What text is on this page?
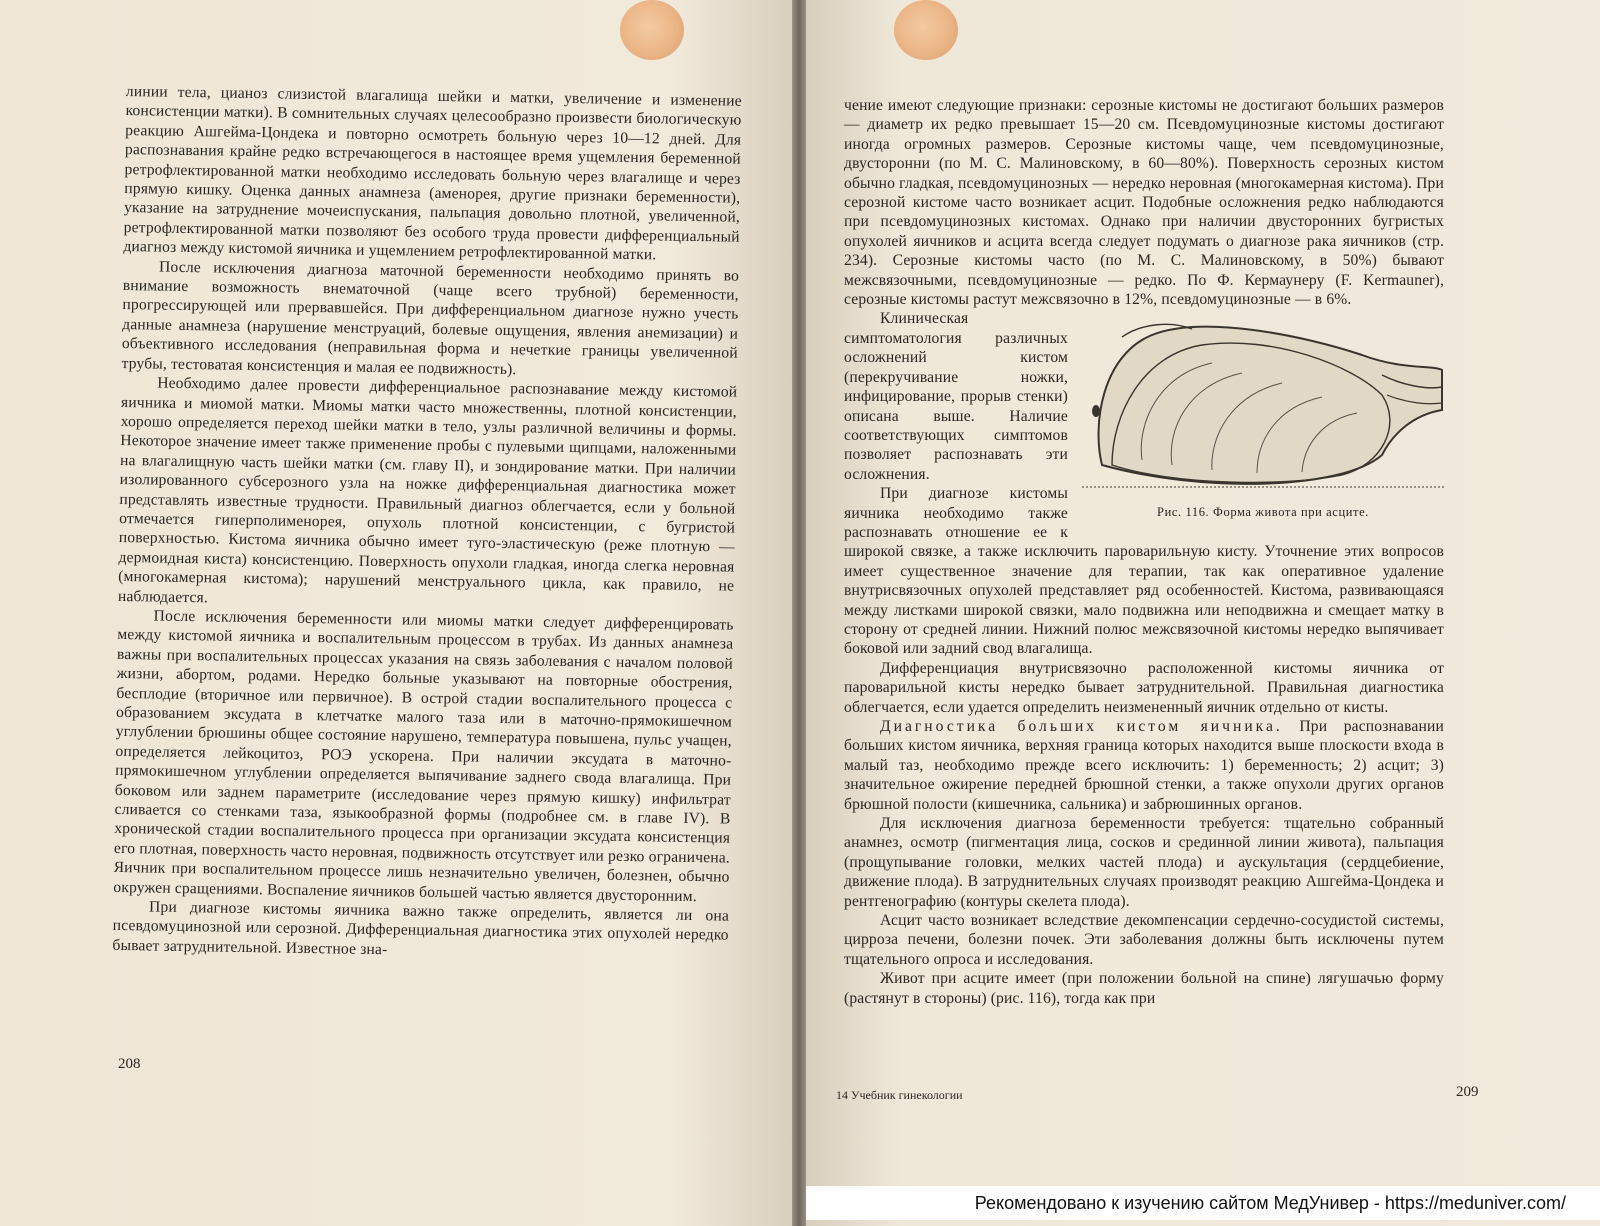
линии тела, цианоз слизистой влагалища шейки и матки, увеличение и изменение консистенции матки). В сомнительных случаях целесообразно произвести биологическую реакцию Ашгейма-Цондека и повторно осмотреть больную через 10—12 дней. Для распознавания крайне редко встречающегося в настоящее время ущемления беременной ретрофлектированной матки необходимо исследовать больную через влагалище и через прямую кишку. Оценка данных анамнеза (аменорея, другие признаки беременности), указание на затруднение мочеиспускания, пальпация довольно плотной, увеличенной, ретрофлектированной матки позволяют без особого труда провести дифференциальный диагноз между кистомой яичника и ущемлением ретрофлектированной матки.

После исключения диагноза маточной беременности необходимо принять во внимание возможность внематочной (чаще всего трубной) беременности, прогрессирующей или прервавшейся. При дифференциальном диагнозе нужно учесть данные анамнеза (нарушение менструаций, болевые ощущения, явления анемизации) и объективного исследования (неправильная форма и нечеткие границы увеличенной трубы, тестоватая консистенция и малая ее подвижность).

Необходимо далее провести дифференциальное распознавание между кистомой яичника и миомой матки. Миомы матки часто множественны, плотной консистенции, хорошо определяется переход шейки матки в тело, узлы различной величины и формы. Некоторое значение имеет также применение пробы с пулевыми щипцами, наложенными на влагалищную часть шейки матки (см. главу II), и зондирование матки. При наличии изолированного субсерозного узла на ножке дифференциальная диагностика может представлять известные трудности. Правильный диагноз облегчается, если у больной отмечается гиперполименорея, опухоль плотной консистенции, с бугристой поверхностью. Кистома яичника обычно имеет туго-эластическую (реже плотную — дермоидная киста) консистенцию. Поверхность опухоли гладкая, иногда слегка неровная (многокамерная кистома); нарушений менструального цикла, как правило, не наблюдается.

После исключения беременности или миомы матки следует дифференцировать между кистомой яичника и воспалительным процессом в трубах. Из данных анамнеза важны при воспалительных процессах указания на связь заболевания с началом половой жизни, абортом, родами. Нередко больные указывают на повторные обострения, бесплодие (вторичное или первичное). В острой стадии воспалительного процесса с образованием эксудата в клетчатке малого таза или в маточно-прямокишечном углублении брюшины общее состояние нарушено, температура повышена, пульс учащен, определяется лейкоцитоз, РОЭ ускорена. При наличии эксудата в маточно-прямокишечном углублении определяется выпячивание заднего свода влагалища. При боковом или заднем параметрите (исследование через прямую кишку) инфильтрат сливается со стенками таза, языкообразной формы (подробнее см. в главе IV). В хронической стадии воспалительного процесса при организации эксудата консистенция его плотная, поверхность часто неровная, подвижность отсутствует или резко ограничена. Яичник при воспалительном процессе лишь незначительно увеличен, болезнен, обычно окружен сращениями. Воспаление яичников большей частью является двусторонним.

При диагнозе кистомы яичника важно также определить, является ли она псевдомуцинозной или серозной. Дифференциальная диагностика этих опухолей нередко бывает затруднительной. Известное зна-

208

чение имеют следующие признаки: серозные кистомы не достигают больших размеров — диаметр их редко превышает 15—20 см. Псевдомуцинозные кистомы достигают иногда огромных размеров. Серозные кистомы чаще, чем псевдомуцинозные, двусторонни (по М. С. Малиновскому, в 60—80%). Поверхность серозных кистом обычно гладкая, псевдомуцинозных — нередко неровная (многокамерная кистома). При серозной кистоме часто возникает асцит. Подобные осложнения редко наблюдаются при псевдомуцинозных кистомах. Однако при наличии двусторонних бугристых опухолей яичников и асцита всегда следует подумать о диагнозе рака яичников (стр. 234). Серозные кистомы часто (по М. С. Малиновскому, в 50%) бывают межсвязочными, псевдомуцинозные — редко. По Ф. Кермаунеру (F. Kermauner), серозные кистомы растут межсвязочно в 12%, псевдомуцинозные — в 6%.

Рис. 116. Форма живота при асците.

Клиническая симптоматология различных осложнений кистом (перекручивание ножки, инфицирование, прорыв стенки) описана выше. Наличие соответствующих симптомов позволяет распознавать эти осложнения.

При диагнозе кистомы яичника необходимо также распознавать отношение ее к широкой связке, а также исключить пароварильную кисту. Уточнение этих вопросов имеет существенное значение для терапии, так как оперативное удаление внутрисвязочных опухолей представляет ряд особенностей. Кистома, развивающаяся между листками широкой связки, мало подвижна или неподвижна и смещает матку в сторону от средней линии. Нижний полюс межсвязочной кистомы нередко выпячивает боковой или задний свод влагалища.

Дифференциация внутрисвязочно расположенной кистомы яичника от пароварильной кисты нередко бывает затруднительной. Правильная диагностика облегчается, если удается определить неизмененный яичник отдельно от кисты.

Диагностика больших кистом яичника. При распознавании больших кистом яичника, верхняя граница которых находится выше плоскости входа в малый таз, необходимо прежде всего исключить: 1) беременность; 2) асцит; 3) значительное ожирение передней брюшной стенки, а также опухоли других органов брюшной полости (кишечника, сальника) и забрюшинных органов.

Для исключения диагноза беременности требуется: тщательно собранный анамнез, осмотр (пигментация лица, сосков и срединной линии живота), пальпация (прощупывание головки, мелких частей плода) и аускультация (сердцебиение, движение плода). В затруднительных случаях производят реакцию Ашгейма-Цондека и рентгенографию (контуры скелета плода).

Асцит часто возникает вследствие декомпенсации сердечно-сосудистой системы, цирроза печени, болезни почек. Эти заболевания должны быть исключены путем тщательного опроса и исследования.

Живот при асците имеет (при положении больной на спине) лягушачью форму (растянут в стороны) (рис. 116), тогда как при

14 Учебник гинекологии	209
Рекомендовано к изучению сайтом МедУнивер - https://meduniver.com/
